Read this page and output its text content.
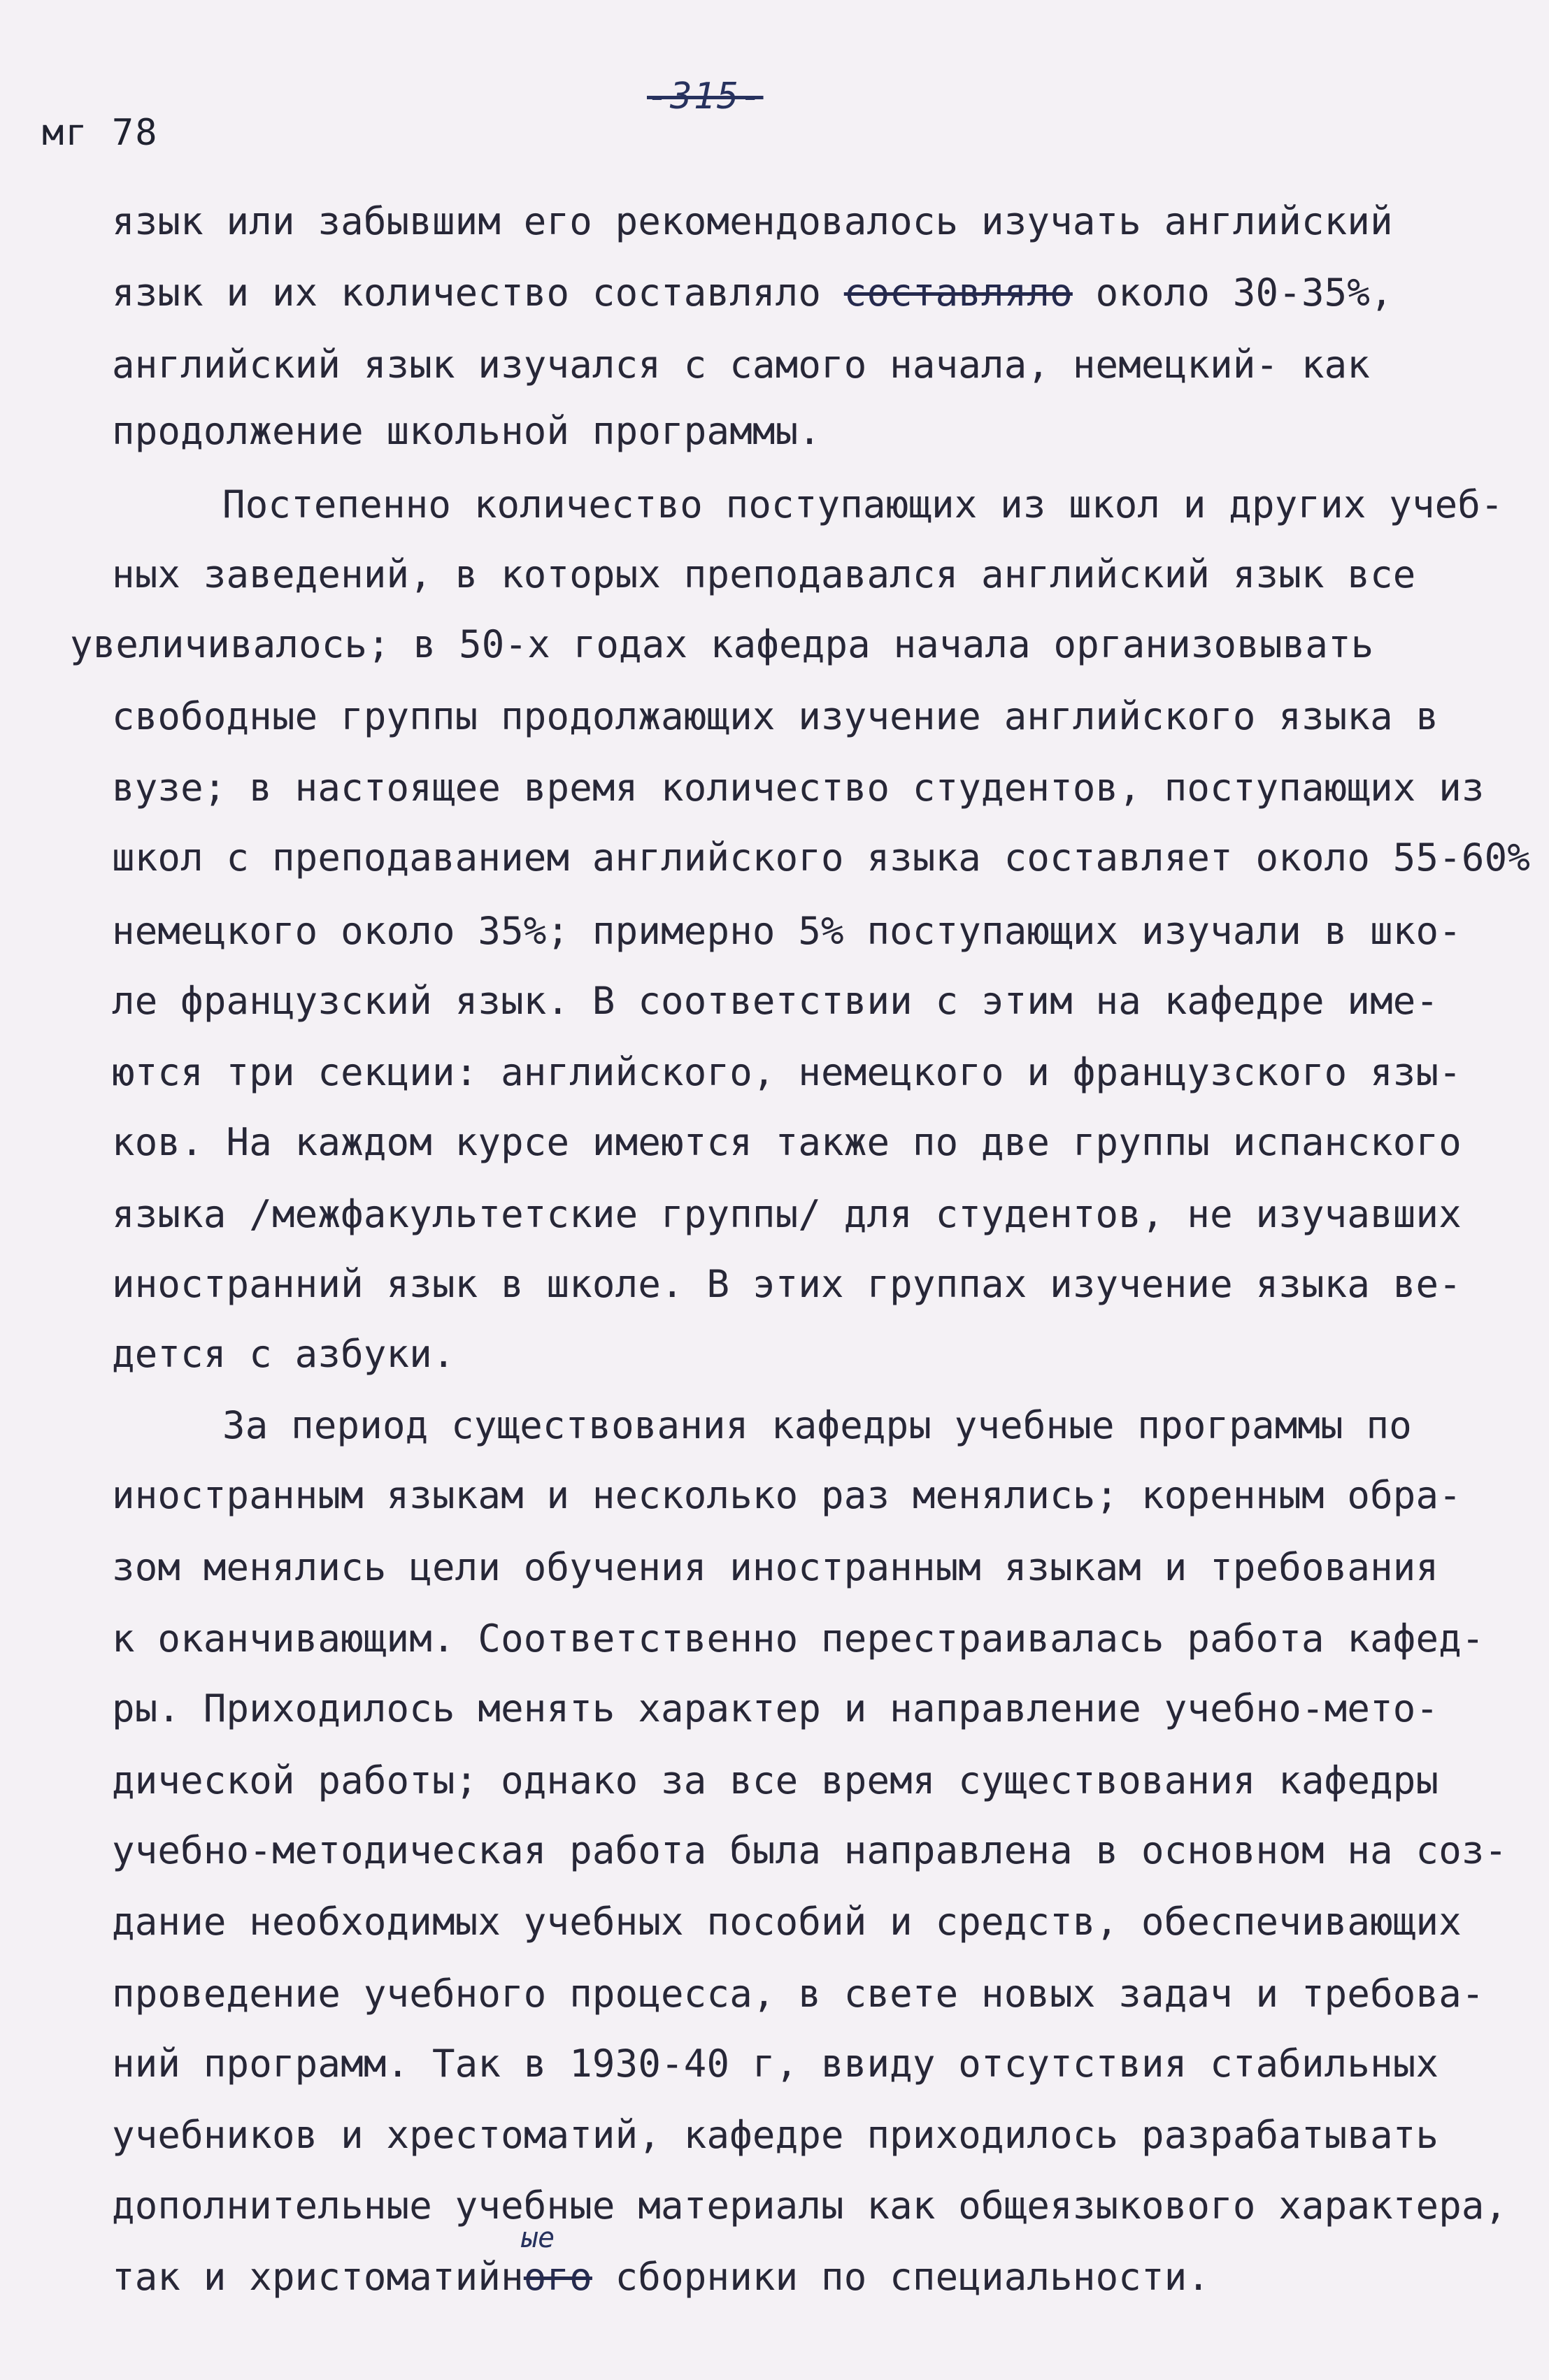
-315-
мг 78
язык или забывшим его рекомендовалось изучать английский
язык и их количество составляло составляло около 30-35%,
английский язык изучался с самого начала, немецкий- как
продолжение школьной программы.
Постепенно количество поступающих из школ и других учеб-
ных заведений, в которых преподавался английский язык все
увеличивалось; в 50-х годах кафедра начала организовывать
свободные группы продолжающих изучение английского языка в
вузе; в настоящее время количество студентов, поступающих из
школ с преподаванием английского языка составляет около 55-60%
немецкого около 35%; примерно 5% поступающих изучали в шко-
ле французский язык. В соответствии с этим на кафедре име-
ются три секции: английского, немецкого и французского язы-
ков. На каждом курсе имеются также по две группы испанского
языка /межфакультетские группы/ для студентов, не изучавших
иностранний язык в школе. В этих группах изучение языка ве-
дется с азбуки.
За период существования кафедры учебные программы по
иностранным языкам и несколько раз менялись; коренным обра-
зом менялись цели обучения иностранным языкам и требования
к оканчивающим. Соответственно перестраивалась работа кафед-
ры. Приходилось менять характер и направление учебно-мето-
дической работы; однако за все время существования кафедры
учебно-методическая работа была направлена в основном на соз-
дание необходимых учебных пособий и средств, обеспечивающих
проведение учебного процесса, в свете новых задач и требова-
ний программ. Так в 1930-40 г, ввиду отсутствия стабильных
учебников и хрестоматий, кафедре приходилось разрабатывать
дополнительные учебные материалы как общеязыкового характера,
ые
так и христоматийного сборники по специальности.
